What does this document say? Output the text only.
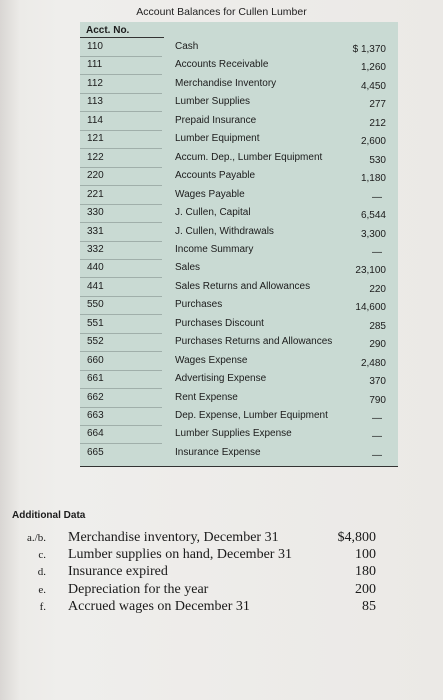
Account Balances for Cullen Lumber
Acct. No.
110	Cash	$ 1,370
111	Accounts Receivable	1,260
112	Merchandise Inventory	4,450
113	Lumber Supplies	277
114	Prepaid Insurance	212
121	Lumber Equipment	2,600
122	Accum. Dep., Lumber Equipment	530
220	Accounts Payable	1,180
221	Wages Payable	—
330	J. Cullen, Capital	6,544
331	J. Cullen, Withdrawals	3,300
332	Income Summary	—
440	Sales	23,100
441	Sales Returns and Allowances	220
550	Purchases	14,600
551	Purchases Discount	285
552	Purchases Returns and Allowances	290
660	Wages Expense	2,480
661	Advertising Expense	370
662	Rent Expense	790
663	Dep. Expense, Lumber Equipment	—
664	Lumber Supplies Expense	—
665	Insurance Expense	—
Additional Data
a./b. Merchandise inventory, December 31	$4,800
c. Lumber supplies on hand, December 31	100
d. Insurance expired	180
e. Depreciation for the year	200
f. Accrued wages on December 31	85
